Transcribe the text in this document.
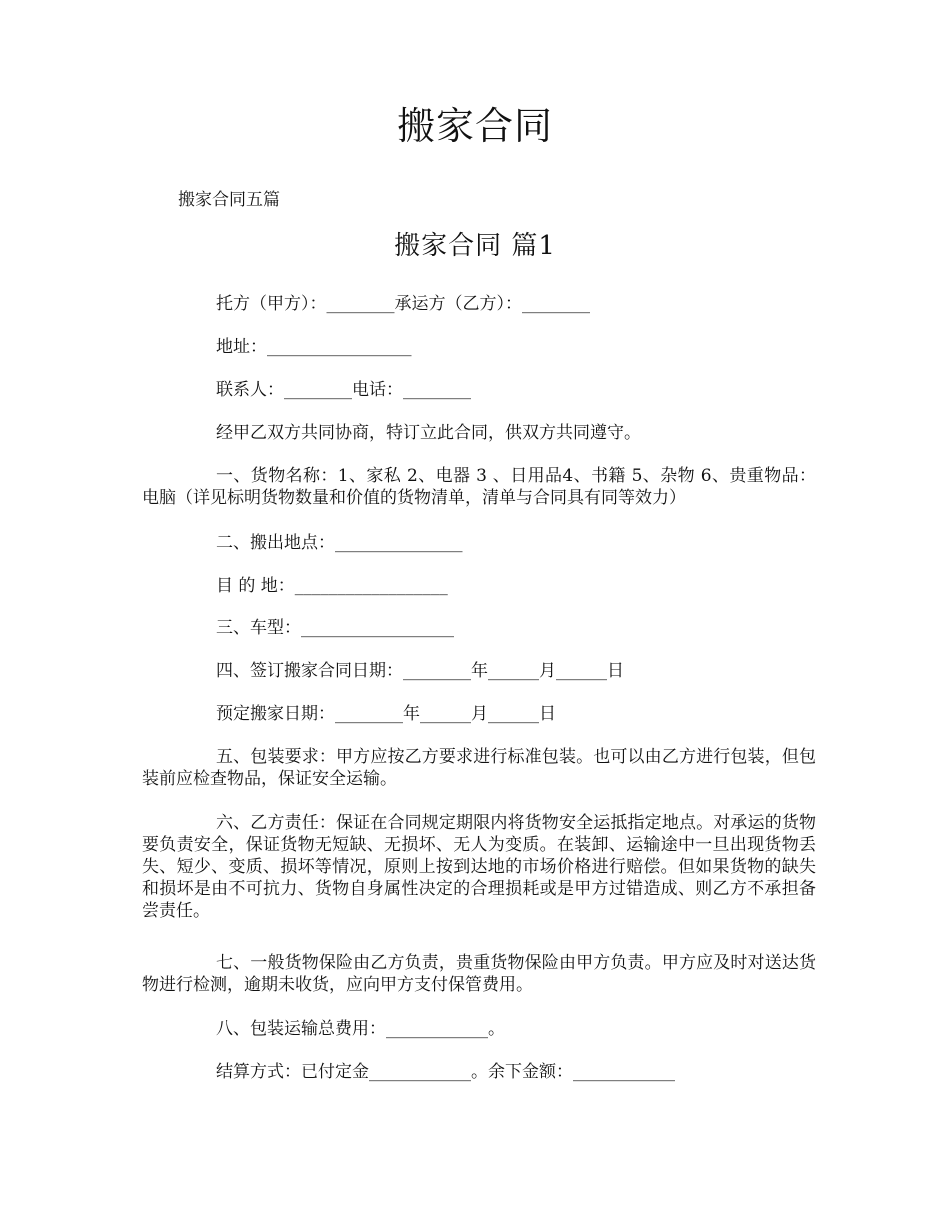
搬家合同
搬家合同五篇
搬家合同 篇1
托方（甲方）：________承运方（乙方）：________
地址：_________________
联系人：________电话：________
经甲乙双方共同协商，特订立此合同，供双方共同遵守。
一、货物名称：1、家私 2、电器 3 、日用品4、书籍 5、杂物 6、贵重物品：电脑（详见标明货物数量和价值的货物清单，清单与合同具有同等效力）
二、搬出地点：_______________
目 的 地：__________________
三、车型：__________________
四、签订搬家合同日期：________年______月______日
预定搬家日期：________年______月______日
五、包装要求：甲方应按乙方要求进行标准包装。也可以由乙方进行包装，但包装前应检查物品，保证安全运输。
六、乙方责任：保证在合同规定期限内将货物安全运抵指定地点。对承运的货物要负责安全，保证货物无短缺、无损坏、无人为变质。在装卸、运输途中一旦出现货物丢失、短少、变质、损坏等情况，原则上按到达地的市场价格进行赔偿。但如果货物的缺失和损坏是由不可抗力、货物自身属性决定的合理损耗或是甲方过错造成、则乙方不承担备尝责任。
七、一般货物保险由乙方负责，贵重货物保险由甲方负责。甲方应及时对送达货物进行检测，逾期未收货，应向甲方支付保管费用。
八、包装运输总费用：____________。
结算方式：已付定金____________。余下金额：____________
